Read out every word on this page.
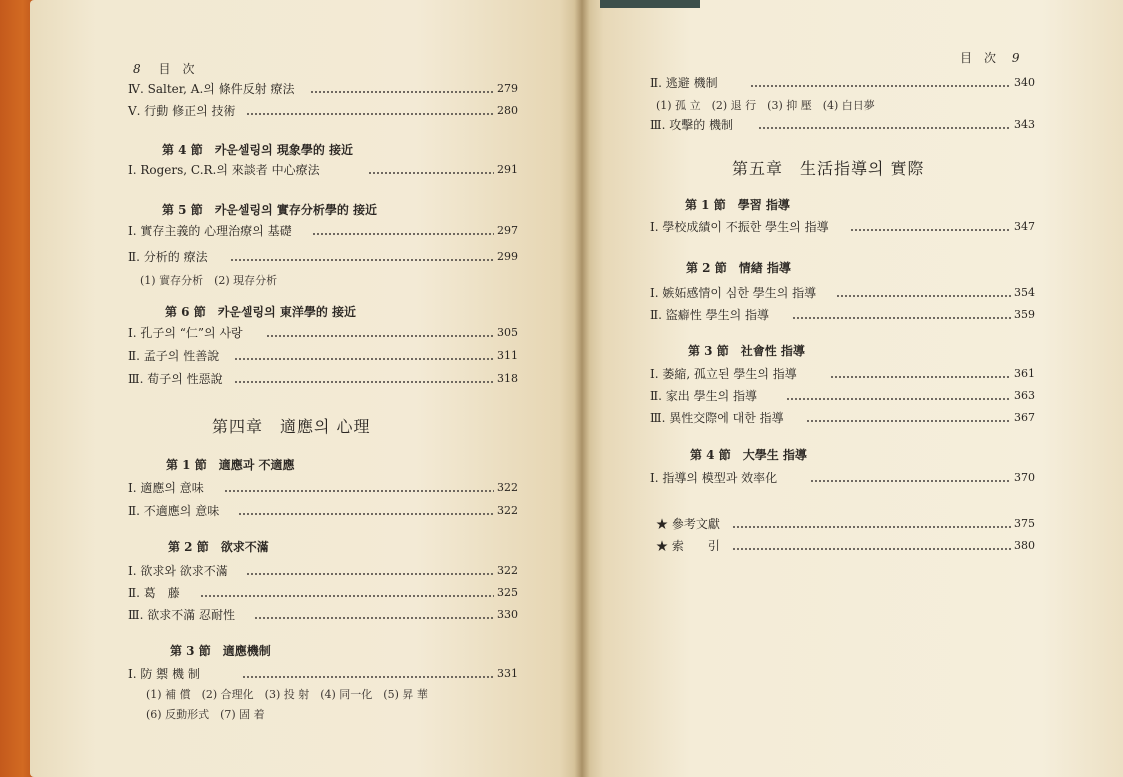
8 目　次
Ⅳ. Salter, A.의 條件反射 療法	279
Ⅴ. 行動 修正의 技術	280
第 4 節　카운셀링의 現象學的 接近
Ⅰ. Rogers, C.R.의 來談者 中心療法	291
第 5 節　카운셀링의 實存分析學的 接近
Ⅰ. 實存主義的 心理治療의 基礎	297
Ⅱ. 分析的 療法	299
(1) 實存分析　(2) 現存分析
第 6 節　카운셀링의 東洋學的 接近
Ⅰ. 孔子의 “仁”의 사랑	305
Ⅱ. 孟子의 性善說	311
Ⅲ. 荀子의 性惡說	318
第四章　適應의 心理
第 1 節　適應과 不適應
Ⅰ. 適應의 意味	322
Ⅱ. 不適應의 意味	322
第 2 節　欲求不滿
Ⅰ. 欲求와 欲求不滿	322
Ⅱ. 葛　藤	325
Ⅲ. 欲求不滿 忍耐性	330
第 3 節　適應機制
Ⅰ. 防 禦 機 制	331
(1) 補 償　(2) 合理化　(3) 投 射　(4) 同一化　(5) 昇 華
(6) 反動形式　(7) 固 着
目　次 9
Ⅱ. 逃避 機制	340
(1) 孤 立　(2) 退 行　(3) 抑 壓　(4) 白日夢
Ⅲ. 攻擊的 機制	343
第五章　生活指導의 實際
第 1 節　學習 指導
Ⅰ. 學校成績이 不振한 學生의 指導	347
第 2 節　情緖 指導
Ⅰ. 嫉妬感情이 심한 學生의 指導	354
Ⅱ. 盜癖性 學生의 指導	359
第 3 節　社會性 指導
Ⅰ. 萎縮, 孤立된 學生의 指導	361
Ⅱ. 家出 學生의 指導	363
Ⅲ. 異性交際에 대한 指導	367
第 4 節　大學生 指導
Ⅰ. 指導의 模型과 效率化	370
★ 參考文獻	375
★ 索　　引	380
